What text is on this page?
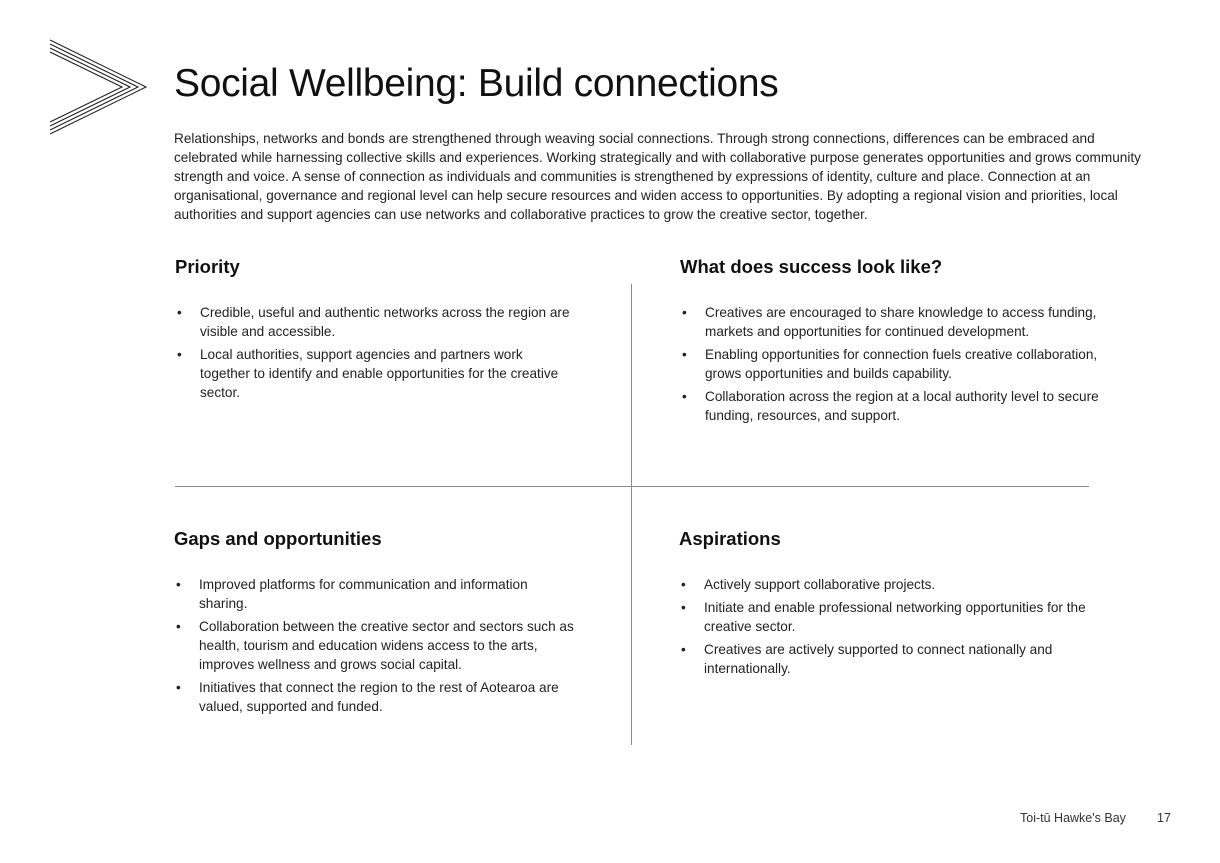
Social Wellbeing: Build connections

Relationships, networks and bonds are strengthened through weaving social connections. Through strong connections, differences can be embraced and celebrated while harnessing collective skills and experiences. Working strategically and with collaborative purpose generates opportunities and grows community strength and voice. A sense of connection as individuals and communities is strengthened by expressions of identity, culture and place. Connection at an organisational, governance and regional level can help secure resources and widen access to opportunities. By adopting a regional vision and priorities, local authorities and support agencies can use networks and collaborative practices to grow the creative sector, together.

Priority
• Credible, useful and authentic networks across the region are visible and accessible.
• Local authorities, support agencies and partners work together to identify and enable opportunities for the creative sector.
What does success look like?
• Creatives are encouraged to share knowledge to access funding, markets and opportunities for continued development.
• Enabling opportunities for connection fuels creative collaboration, grows opportunities and builds capability.
• Collaboration across the region at a local authority level to secure funding, resources, and support.
Gaps and opportunities
• Improved platforms for communication and information sharing.
• Collaboration between the creative sector and sectors such as health, tourism and education widens access to the arts, improves wellness and grows social capital.
• Initiatives that connect the region to the rest of Aotearoa are valued, supported and funded.
Aspirations
• Actively support collaborative projects.
• Initiate and enable professional networking opportunities for the creative sector.
• Creatives are actively supported to connect nationally and internationally.
Toi-tū Hawke's Bay 17
